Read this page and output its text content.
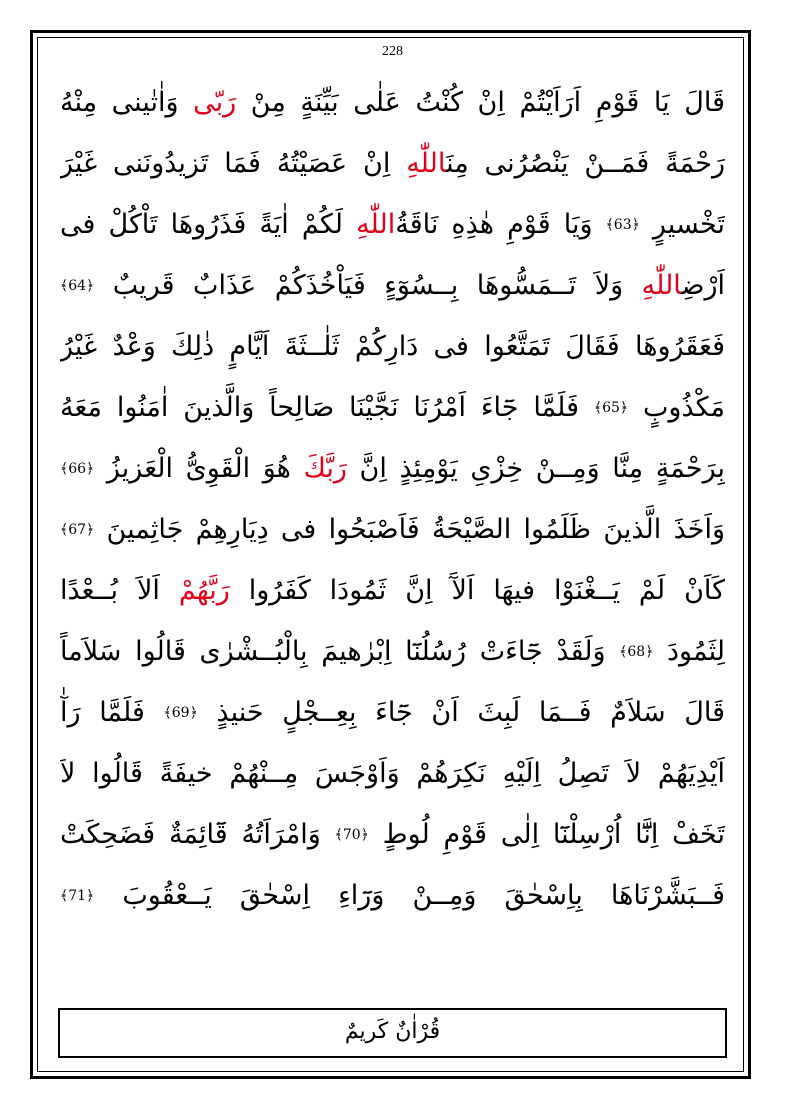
228
قَالَ يَا قَوْمِ اَرَاَيْتُمْ اِنْ كُنْتُ عَلٰى بَيِّنَةٍ مِنْ رَبّى وَاٰتٰينى مِنْهُ
رَحْمَةً فَمَــنْ يَنْصُرُنى مِنَاللّٰهِ اِنْ عَصَيْتُهُ فَمَا تَزيدُونَنى غَيْرَ
تَخْسيرٍ ﴿63﴾ وَيَا قَوْمِ هٰذِهِ نَاقَةُاللّٰهِ لَكُمْ اٰيَةً فَذَرُوهَا تَاْكُلْ فى
اَرْضِاللّٰهِ وَلاَ تَــمَسُّوهَا بِــسُوٓءٍ فَيَاْخُذَكُمْ عَذَابٌ قَريبٌ ﴿64﴾
فَعَقَرُوهَا فَقَالَ تَمَتَّعُوا فى دَارِكُمْ ثَلٰــثَةَ اَيَّامٍ ذٰلِكَ وَعْدٌ غَيْرُ
مَكْذُوبٍ ﴿65﴾ فَلَمَّا جَٓاءَ اَمْرُنَا نَجَّيْنَا صَالِحاً وَالَّذينَ اٰمَنُوا مَعَهُ
بِرَحْمَةٍ مِنَّا وَمِــنْ خِزْىِ يَوْمِئِذٍ اِنَّ رَبَّكَ هُوَ الْقَوِىُّ الْعَزيزُ ﴿66﴾
وَاَخَذَ الَّذينَ ظَلَمُوا الصَّيْحَةُ فَاَصْبَحُوا فى دِيَارِهِمْ جَاثِمينَ ﴿67﴾
كَاَنْ لَمْ يَــغْنَوْا فيهَا اَلآَ اِنَّ ثَمُودَا كَفَرُوا رَبَّهُمْ اَلاَ بُــعْدًا
لِثَمُودَ ﴿68﴾ وَلَقَدْ جَٓاءَتْ رُسُلُنَٓا اِبْرٰهيمَ بِالْبُــشْرٰى قَالُوا سَلاَماً
قَالَ سَلاَمٌ فَــمَا لَبِثَ اَنْ جَٓاءَ بِعِــجْلٍ حَنيذٍ ﴿69﴾ فَلَمَّا رَآٰ
اَيْدِيَهُمْ لاَ تَصِلُ اِلَيْهِ نَكِرَهُمْ وَاَوْجَسَ مِــنْهُمْ خيفَةً قَالُوا لاَ
تَخَفْ اِنَّٓا اُرْسِلْنَٓا اِلٰى قَوْمِ لُوطٍ ﴿70﴾ وَامْرَاَتُهُ قَٓائِمَةٌ فَضَحِكَتْ
فَــبَشَّرْنَاهَا بِاِسْحٰقَ وَمِــنْ وَرَٓاءِ اِسْحٰقَ يَــعْقُوبَ ﴿71﴾
قُرْاٰنٌ كَريمٌ
